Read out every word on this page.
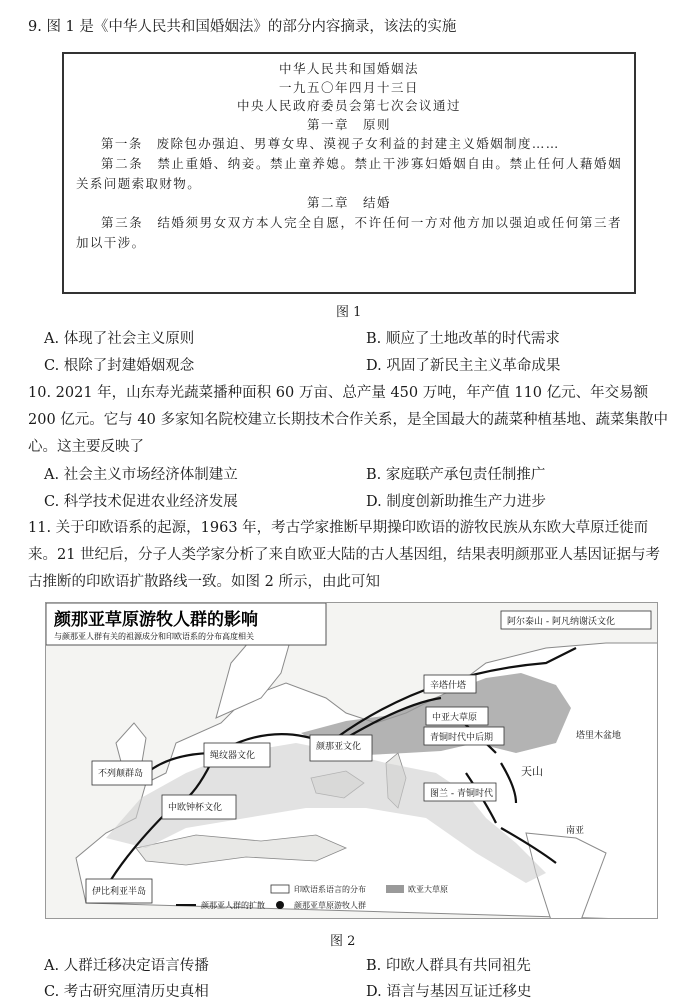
9. 图 1 是《中华人民共和国婚姻法》的部分内容摘录，该法的实施
中华人民共和国婚姻法
一九五〇年四月十三日
中央人民政府委员会第七次会议通过
第一章　原则
第一条　废除包办强迫、男尊女卑、漠视子女利益的封建主义婚姻制度……
第二条　禁止重婚、纳妾。禁止童养媳。禁止干涉寡妇婚姻自由。禁止任何人藉婚姻关系问题索取财物。
第二章　结婚
第三条　结婚须男女双方本人完全自愿，不许任何一方对他方加以强迫或任何第三者加以干涉。
图 1
A. 体现了社会主义原则	B. 顺应了土地改革的时代需求
C. 根除了封建婚姻观念	D. 巩固了新民主主义革命成果
10. 2021 年，山东寿光蔬菜播种面积 60 万亩、总产量 450 万吨，年产值 110 亿元、年交易额 200 亿元。它与 40 多家知名院校建立长期技术合作关系，是全国最大的蔬菜种植基地、蔬菜集散中心。这主要反映了
A. 社会主义市场经济体制建立	B. 家庭联产承包责任制推广
C. 科学技术促进农业经济发展	D. 制度创新助推生产力进步
11. 关于印欧语系的起源，1963 年，考古学家推断早期操印欧语的游牧民族从东欧大草原迁徙而来。21 世纪后，分子人类学家分析了来自欧亚大陆的古人基因组，结果表明颜那亚人基因证据与考古推断的印欧语扩散路线一致。如图 2 所示，由此可知
颜那亚草原游牧人群的影响
与颜那亚人群有关的祖源成分和印欧语系的分布高度相关
颜那亚文化
绳纹器文化
不列颠群岛
中欧钟杯文化
伊比利亚半岛
阿尔泰山 - 阿凡纳谢沃文化
辛塔什塔
中亚大草原
青铜时代中后期
天山
图兰 - 青铜时代
南亚
塔里木盆地
印欧语系语言的分布
颜那亚草原游牧人群
颜那亚人群的扩散
欧亚大草原
图 2
A. 人群迁移决定语言传播	B. 印欧人群具有共同祖先
C. 考古研究厘清历史真相	D. 语言与基因互证迁移史
